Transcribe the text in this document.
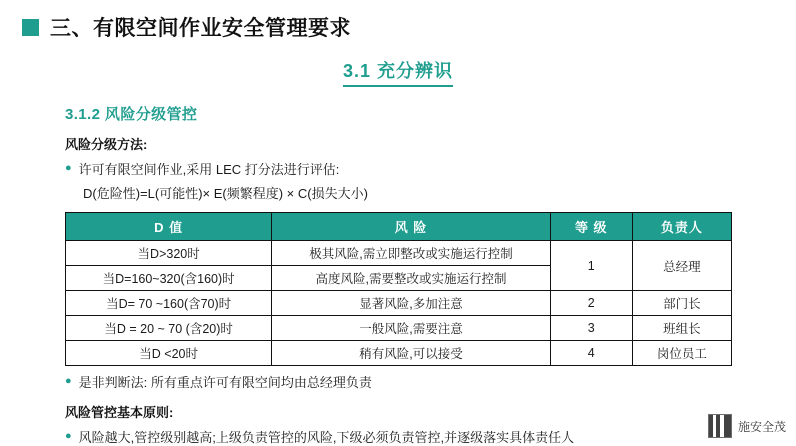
三、有限空间作业安全管理要求
3.1 充分辨识
3.1.2 风险分级管控
风险分级方法:
● 许可有限空间作业,采用 LEC 打分法进行评估:
D(危险性)=L(可能性)× E(频繁程度) × C(损失大小)
D 值	风 险	等 级	负责人
当D>320时	极其风险,需立即整改或实施运行控制	1	总经理
当D=160~320(含160)时	高度风险,需要整改或实施运行控制		
当D= 70 ~160(含70)时	显著风险,多加注意	2	部门长
当D = 20 ~ 70 (含20)时	一般风险,需要注意	3	班组长
当D <20时	稍有风险,可以接受	4	岗位员工
● 是非判断法: 所有重点许可有限空间均由总经理负责
风险管控基本原则:
● 风险越大,管控级别越高;上级负责管控的风险,下级必须负责管控,并逐级落实具体责任人
施安全茂
